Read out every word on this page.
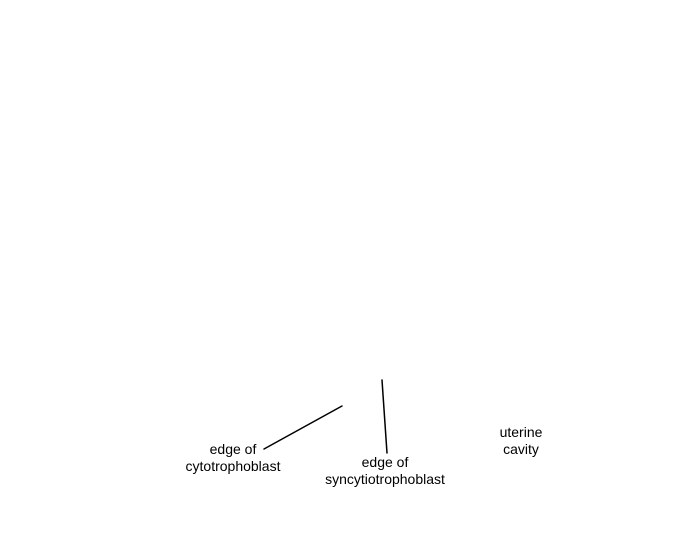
edge of
cytotrophoblast	edge of
syncytiotrophoblast
uterine
cavity
